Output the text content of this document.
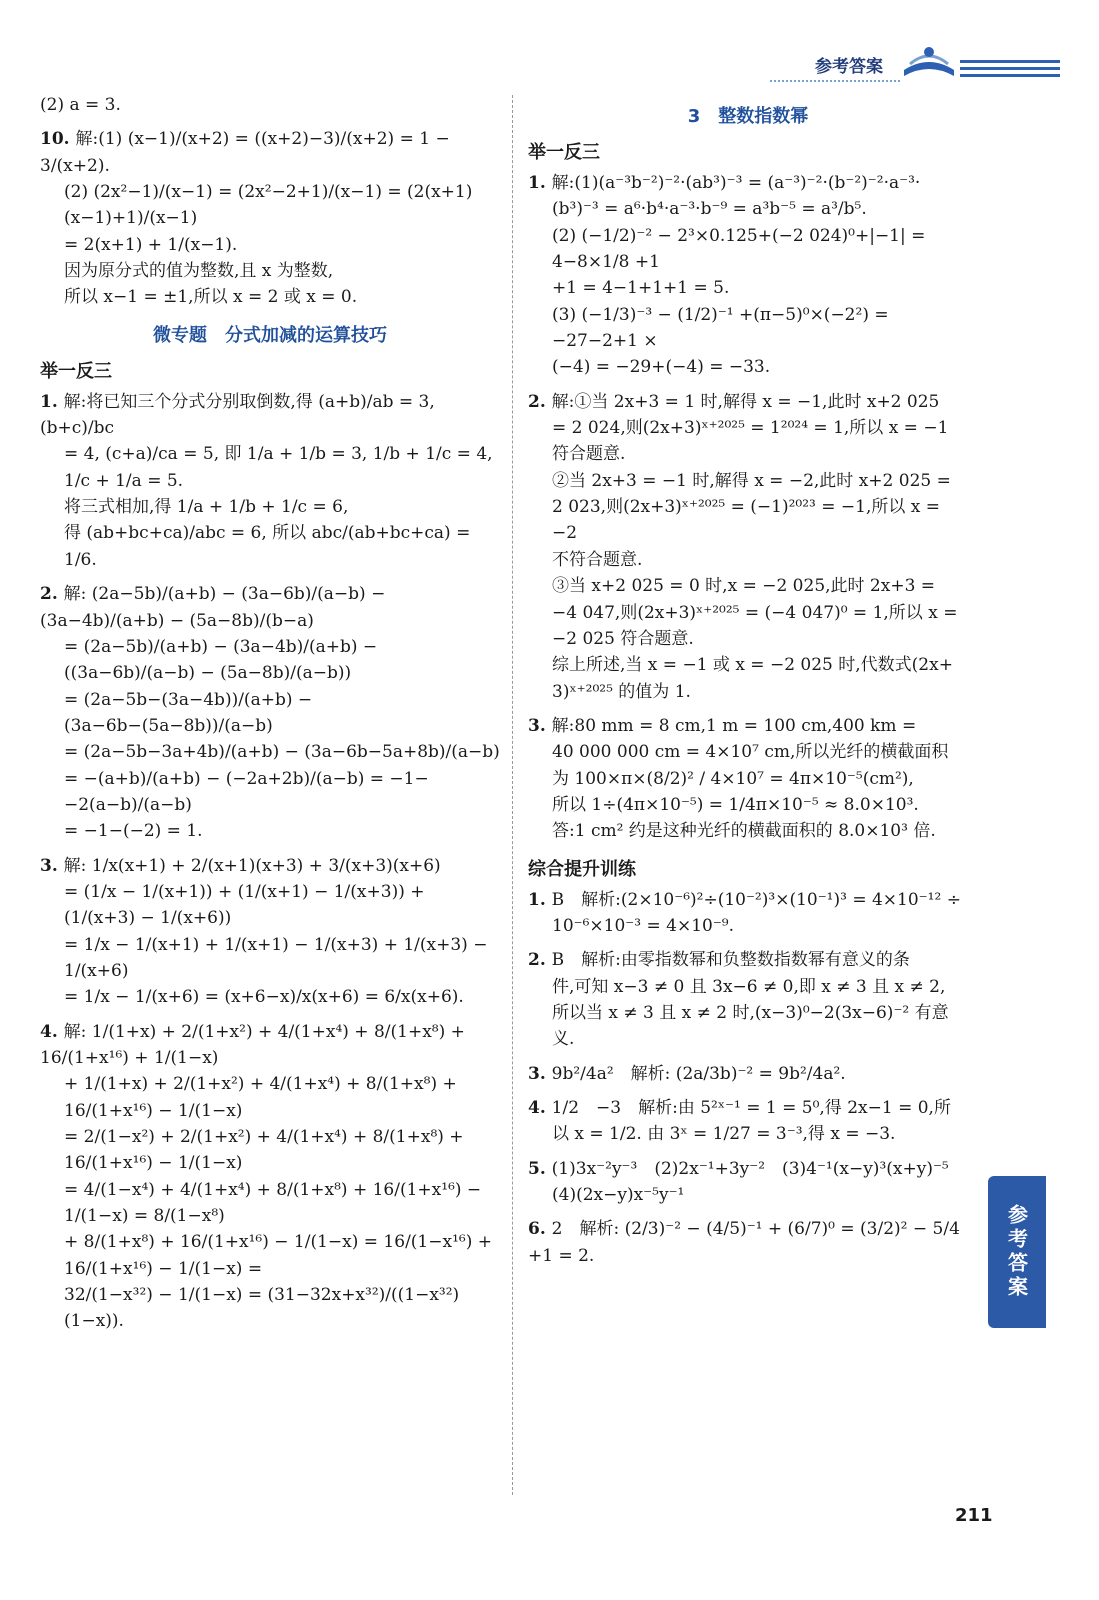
参考答案
(2) a = 3.
10. 解:(1) (x−1)/(x+2) = ((x+2)−3)/(x+2) = 1 − 3/(x+2).
(2) (2x²−1)/(x−1) = (2x²−2+1)/(x−1) = (2(x+1)(x−1)+1)/(x−1)
= 2(x+1) + 1/(x−1).
因为原分式的值为整数,且 x 为整数,
所以 x−1 = ±1,所以 x = 2 或 x = 0.
微专题　分式加减的运算技巧
举一反三
1. 解:将已知三个分式分别取倒数,得 (a+b)/ab = 3, (b+c)/bc
= 4, (c+a)/ca = 5, 即 1/a + 1/b = 3, 1/b + 1/c = 4, 1/c + 1/a = 5.
将三式相加,得 1/a + 1/b + 1/c = 6,
得 (ab+bc+ca)/abc = 6, 所以 abc/(ab+bc+ca) = 1/6.
2. 解: (2a−5b)/(a+b) − (3a−6b)/(a−b) − (3a−4b)/(a+b) − (5a−8b)/(b−a)
= (2a−5b)/(a+b) − (3a−4b)/(a+b) − ((3a−6b)/(a−b) − (5a−8b)/(a−b))
= (2a−5b−(3a−4b))/(a+b) − (3a−6b−(5a−8b))/(a−b)
= (2a−5b−3a+4b)/(a+b) − (3a−6b−5a+8b)/(a−b)
= −(a+b)/(a+b) − (−2a+2b)/(a−b) = −1− −2(a−b)/(a−b)
= −1−(−2) = 1.
3. 解: 1/x(x+1) + 2/(x+1)(x+3) + 3/(x+3)(x+6)
= (1/x − 1/(x+1)) + (1/(x+1) − 1/(x+3)) + (1/(x+3) − 1/(x+6))
= 1/x − 1/(x+1) + 1/(x+1) − 1/(x+3) + 1/(x+3) − 1/(x+6)
= 1/x − 1/(x+6) = (x+6−x)/x(x+6) = 6/x(x+6).
4. 解: 1/(1+x) + 2/(1+x²) + 4/(1+x⁴) + 8/(1+x⁸) + 16/(1+x¹⁶) + 1/(1−x)
+ 1/(1+x) + 2/(1+x²) + 4/(1+x⁴) + 8/(1+x⁸) + 16/(1+x¹⁶) − 1/(1−x)
= 2/(1−x²) + 2/(1+x²) + 4/(1+x⁴) + 8/(1+x⁸) + 16/(1+x¹⁶) − 1/(1−x)
= 4/(1−x⁴) + 4/(1+x⁴) + 8/(1+x⁸) + 16/(1+x¹⁶) − 1/(1−x) = 8/(1−x⁸)
+ 8/(1+x⁸) + 16/(1+x¹⁶) − 1/(1−x) = 16/(1−x¹⁶) + 16/(1+x¹⁶) − 1/(1−x) =
32/(1−x³²) − 1/(1−x) = (31−32x+x³²)/((1−x³²)(1−x)).
3　整数指数幂
举一反三
1. 解:(1)(a⁻³b⁻²)⁻²·(ab³)⁻³ = (a⁻³)⁻²·(b⁻²)⁻²·a⁻³·
(b³)⁻³ = a⁶·b⁴·a⁻³·b⁻⁹ = a³b⁻⁵ = a³/b⁵.
(2) (−1/2)⁻² − 2³×0.125+(−2 024)⁰+|−1| = 4−8×1/8 +1
+1 = 4−1+1+1 = 5.
(3) (−1/3)⁻³ − (1/2)⁻¹ +(π−5)⁰×(−2²) = −27−2+1 ×
(−4) = −29+(−4) = −33.
2. 解:①当 2x+3 = 1 时,解得 x = −1,此时 x+2 025
= 2 024,则(2x+3)ˣ⁺²⁰²⁵ = 1²⁰²⁴ = 1,所以 x = −1
符合题意.
②当 2x+3 = −1 时,解得 x = −2,此时 x+2 025 =
2 023,则(2x+3)ˣ⁺²⁰²⁵ = (−1)²⁰²³ = −1,所以 x = −2
不符合题意.
③当 x+2 025 = 0 时,x = −2 025,此时 2x+3 =
−4 047,则(2x+3)ˣ⁺²⁰²⁵ = (−4 047)⁰ = 1,所以 x =
−2 025 符合题意.
综上所述,当 x = −1 或 x = −2 025 时,代数式(2x+
3)ˣ⁺²⁰²⁵ 的值为 1.
3. 解:80 mm = 8 cm,1 m = 100 cm,400 km =
40 000 000 cm = 4×10⁷ cm,所以光纤的横截面积
为 100×π×(8/2)² / 4×10⁷ = 4π×10⁻⁵(cm²),
所以 1÷(4π×10⁻⁵) = 1/4π×10⁻⁵ ≈ 8.0×10³.
答:1 cm² 约是这种光纤的横截面积的 8.0×10³ 倍.
综合提升训练
1. B　解析:(2×10⁻⁶)²÷(10⁻²)³×(10⁻¹)³ = 4×10⁻¹² ÷
10⁻⁶×10⁻³ = 4×10⁻⁹.
2. B　解析:由零指数幂和负整数指数幂有意义的条
件,可知 x−3 ≠ 0 且 3x−6 ≠ 0,即 x ≠ 3 且 x ≠ 2,
所以当 x ≠ 3 且 x ≠ 2 时,(x−3)⁰−2(3x−6)⁻² 有意义.
3. 9b²/4a²　解析: (2a/3b)⁻² = 9b²/4a².
4. 1/2　−3　解析:由 5²ˣ⁻¹ = 1 = 5⁰,得 2x−1 = 0,所
以 x = 1/2. 由 3ˣ = 1/27 = 3⁻³,得 x = −3.
5. (1)3x⁻²y⁻³　(2)2x⁻¹+3y⁻²　(3)4⁻¹(x−y)³(x+y)⁻⁵
(4)(2x−y)x⁻⁵y⁻¹
6. 2　解析: (2/3)⁻² − (4/5)⁻¹ + (6/7)⁰ = (3/2)² − 5/4 +1 = 2.	参考答案
211
